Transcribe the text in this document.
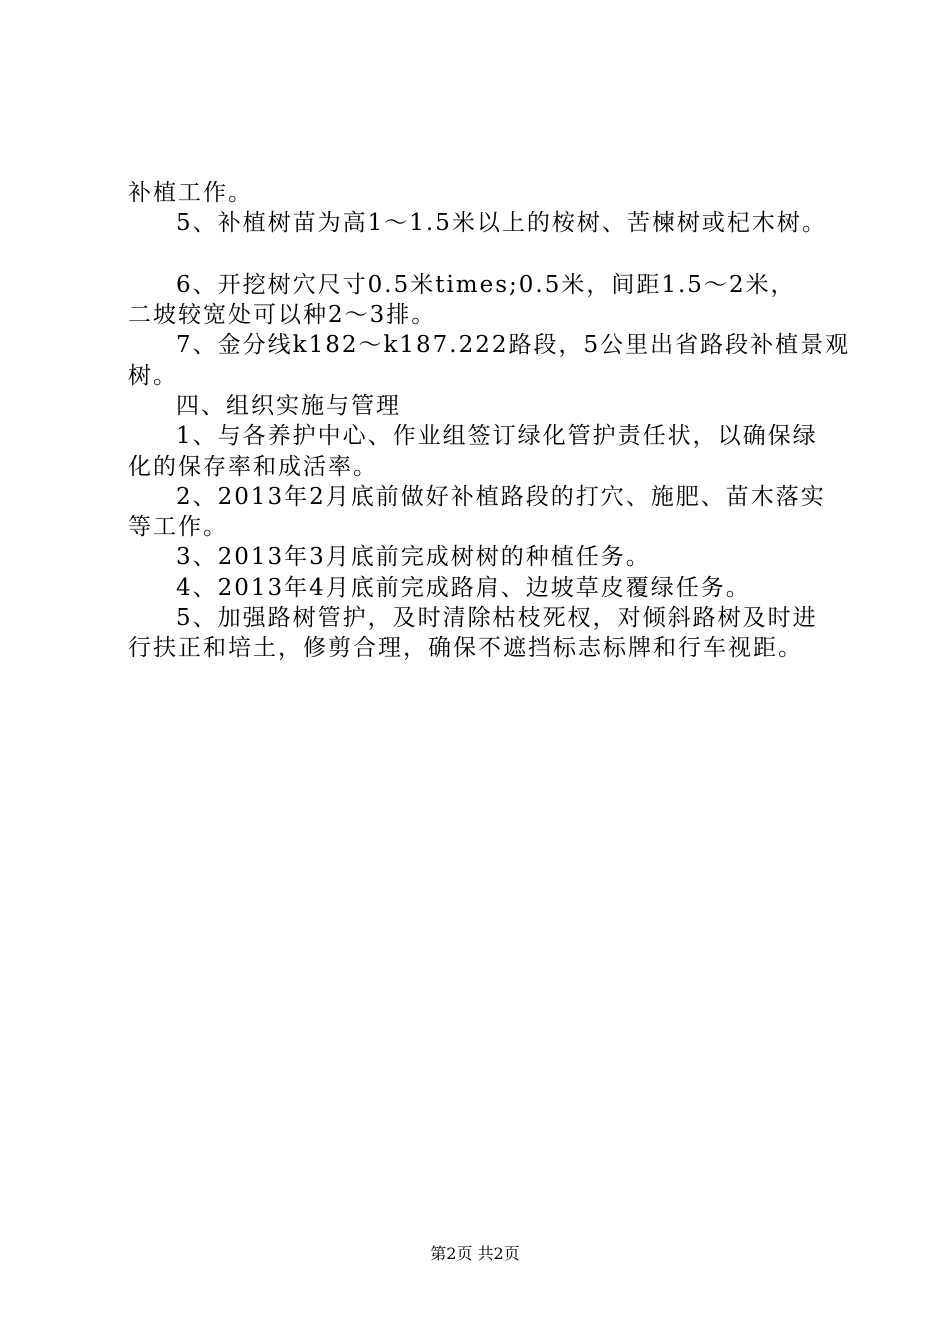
补植工作。
5、补植树苗为高1～1.5米以上的桉树、苦楝树或杞木树。
6、开挖树穴尺寸0.5米times;0.5米，间距1.5～2米，
二坡较宽处可以种2～3排。
7、金分线k182～k187.222路段，5公里出省路段补植景观
树。
四、组织实施与管理
1、与各养护中心、作业组签订绿化管护责任状，以确保绿
化的保存率和成活率。
2、2013年2月底前做好补植路段的打穴、施肥、苗木落实
等工作。
3、2013年3月底前完成树树的种植任务。
4、2013年4月底前完成路肩、边坡草皮覆绿任务。
5、加强路树管护，及时清除枯枝死杈，对倾斜路树及时进
行扶正和培土，修剪合理，确保不遮挡标志标牌和行车视距。
第2页 共2页
